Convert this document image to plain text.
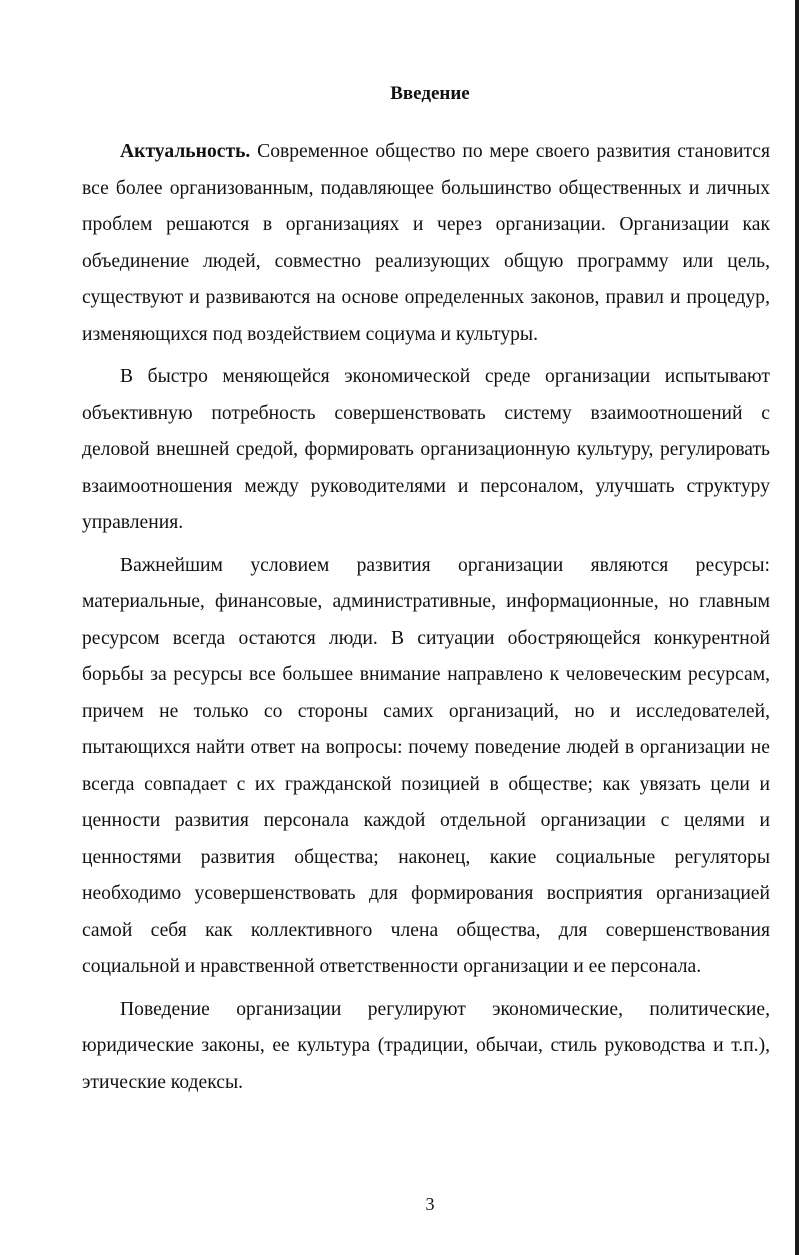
Введение

Актуальность. Современное общество по мере своего развития становится все более организованным, подавляющее большинство общественных и личных проблем решаются в организациях и через организации. Организации как объединение людей, совместно реализующих общую программу или цель, существуют и развиваются на основе определенных законов, правил и процедур, изменяющихся под воздействием социума и культуры.

В быстро меняющейся экономической среде организации испытывают объективную потребность совершенствовать систему взаимоотношений с деловой внешней средой, формировать организационную культуру, регулировать взаимоотношения между руководителями и персоналом, улучшать структуру управления.

Важнейшим условием развития организации являются ресурсы: материальные, финансовые, административные, информационные, но главным ресурсом всегда остаются люди. В ситуации обостряющейся конкурентной борьбы за ресурсы все большее внимание направлено к человеческим ресурсам, причем не только со стороны самих организаций, но и исследователей, пытающихся найти ответ на вопросы: почему поведение людей в организации не всегда совпадает с их гражданской позицией в обществе; как увязать цели и ценности развития персонала каждой отдельной организации с целями и ценностями развития общества; наконец, какие социальные регуляторы необходимо усовершенствовать для формирования восприятия организацией самой себя как коллективного члена общества, для совершенствования социальной и нравственной ответственности организации и ее персонала.

Поведение организации регулируют экономические, политические, юридические законы, ее культура (традиции, обычаи, стиль руководства и т.п.), этические кодексы.

3
